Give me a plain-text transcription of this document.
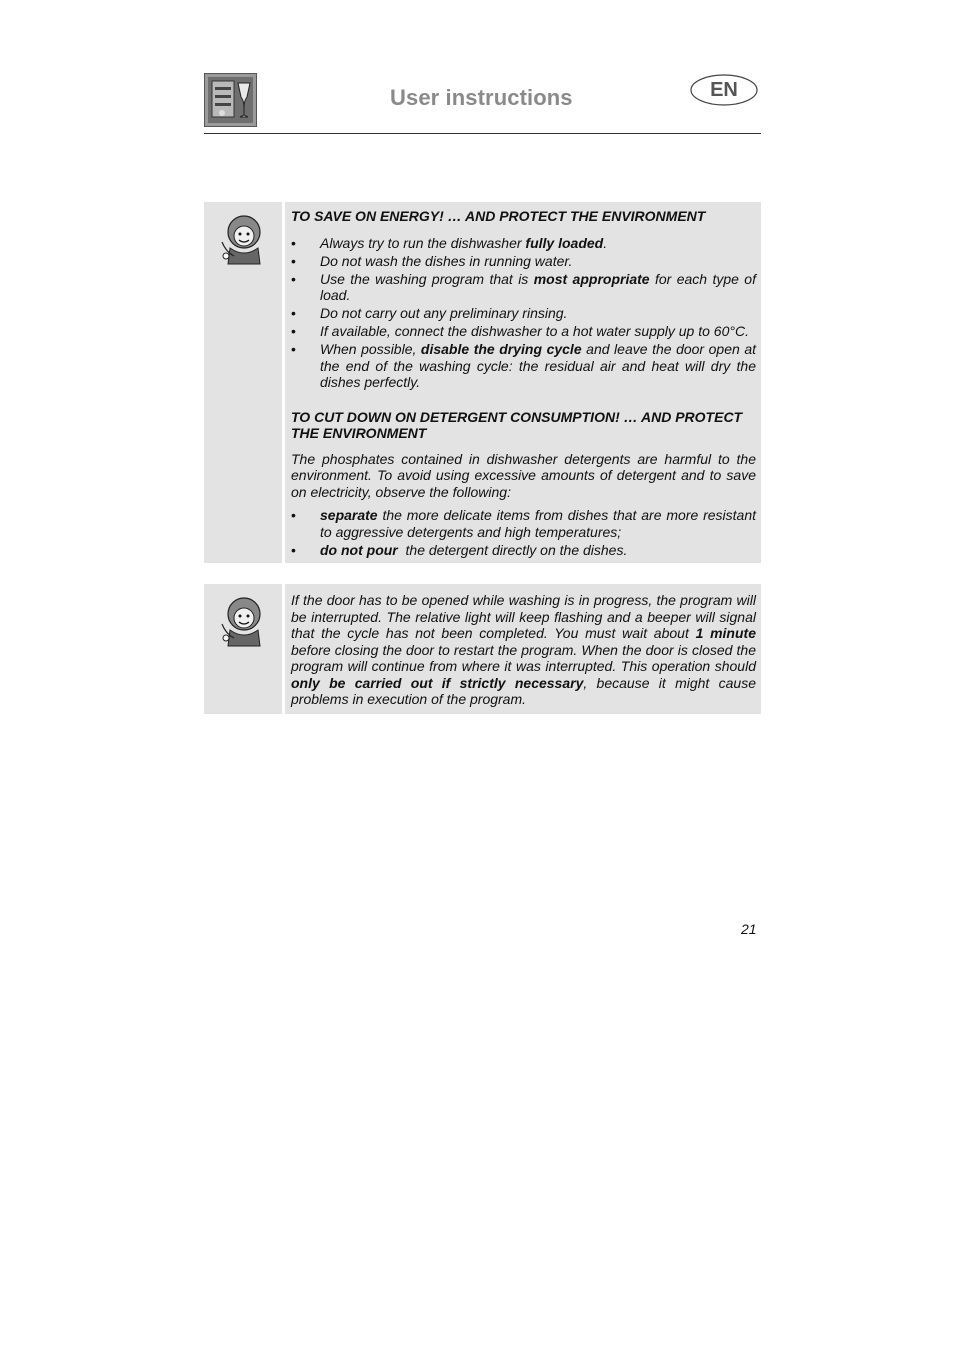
User instructions	EN
TO SAVE ON ENERGY! … AND PROTECT THE ENVIRONMENT
• Always try to run the dishwasher fully loaded.
• Do not wash the dishes in running water.
• Use the washing program that is most appropriate for each type of load.
• Do not carry out any preliminary rinsing.
• If available, connect the dishwasher to a hot water supply up to 60°C.
• When possible, disable the drying cycle and leave the door open at the end of the washing cycle: the residual air and heat will dry the dishes perfectly.
TO CUT DOWN ON DETERGENT CONSUMPTION! … AND PROTECT THE ENVIRONMENT

The phosphates contained in dishwasher detergents are harmful to the environment. To avoid using excessive amounts of detergent and to save on electricity, observe the following:

• separate the more delicate items from dishes that are more resistant to aggressive detergents and high temperatures;
• do not pour  the detergent directly on the dishes.

If the door has to be opened while washing is in progress, the program will be interrupted. The relative light will keep flashing and a beeper will signal that the cycle has not been completed. You must wait about 1 minute before closing the door to restart the program. When the door is closed the program will continue from where it was interrupted. This operation should only be carried out if strictly necessary, because it might cause problems in execution of the program.

21
